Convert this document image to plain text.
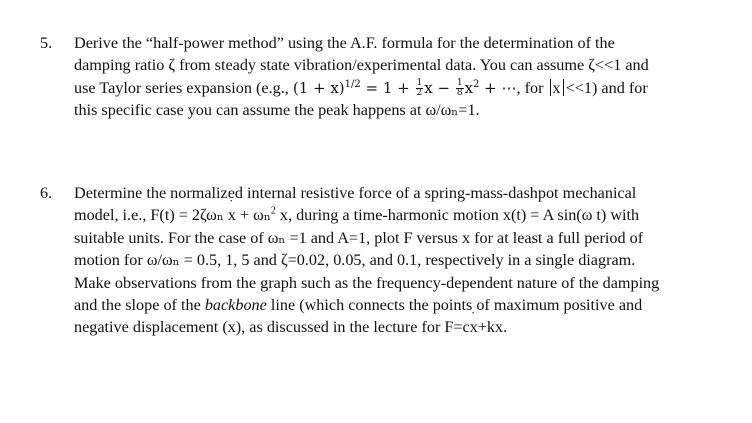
5.	Derive the “half-power method” using the A.F. formula for the determination of the
damping ratio ζ from steady state vibration/experimental data. You can assume ζ<<1 and
use Taylor series expansion (e.g., $(1 + x)^{1/2} = 1 + \frac{1}{2}$ $x - \frac{1}{8} x^2$ + ⋯, for x <<1) and for
this specific case you can assume the peak happens at ω/ωₙ=1.
6.	Determine the normalized internal resistive force of a spring-mass-dashpot mechanical
model, i.e., F(t) = 2ζωₙ ˙ x + ωₙ$^2$ x, during a time-harmonic motion x(t) = A sin(ω t) with
suitable units. For the case of ωₙ =1 and A=1, plot F versus x for at least a full period of
motion for ω/ωₙ = 0.5, 1, 5 and ζ=0.02, 0.05, and 0.1, respectively in a single diagram.
Make observations from the graph such as the frequency-dependent nature of the damping
and the slope of the backbone line (which connects the points of maximum positive and
negative displacement (x), as discussed in the lecture for F=c˙ x+kx.
